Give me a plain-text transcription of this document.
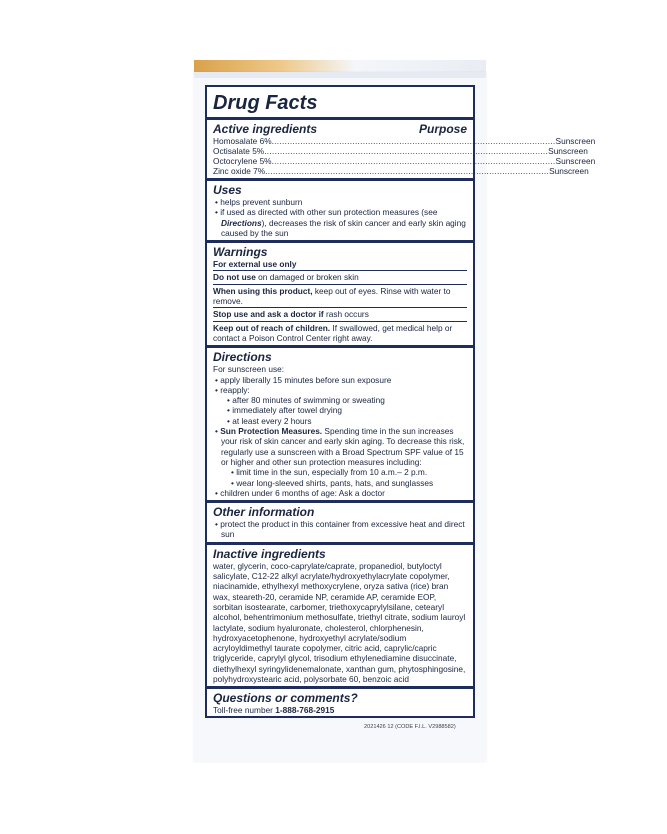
Drug Facts
Active ingredients	Purpose
Homosalate 6% ............................................................................................................. Sunscreen
Octisalate 5% ............................................................................................................. Sunscreen
Octocrylene 5% ............................................................................................................. Sunscreen
Zinc oxide 7% ............................................................................................................. Sunscreen
Uses
• helps prevent sunburn
• if used as directed with other sun protection measures (see Directions), decreases the risk of skin cancer and early skin aging caused by the sun
Warnings
For external use only
Do not use on damaged or broken skin
When using this product, keep out of eyes. Rinse with water to remove.
Stop use and ask a doctor if rash occurs
Keep out of reach of children. If swallowed, get medical help or contact a Poison Control Center right away.
Directions
For sunscreen use:
• apply liberally 15 minutes before sun exposure
• reapply:
• after 80 minutes of swimming or sweating
• immediately after towel drying
• at least every 2 hours
• Sun Protection Measures. Spending time in the sun increases your risk of skin cancer and early skin aging. To decrease this risk, regularly use a sunscreen with a Broad Spectrum SPF value of 15 or higher and other sun protection measures including:
• limit time in the sun, especially from 10 a.m.– 2 p.m.
• wear long-sleeved shirts, pants, hats, and sunglasses
• children under 6 months of age: Ask a doctor
Other information
• protect the product in this container from excessive heat and direct sun
Inactive ingredients
water, glycerin, coco-caprylate/caprate, propanediol, butyloctyl salicylate, C12-22 alkyl acrylate/hydroxyethylacrylate copolymer, niacinamide, ethylhexyl methoxycrylene, oryza sativa (rice) bran wax, steareth-20, ceramide NP, ceramide AP, ceramide EOP, sorbitan isostearate, carbomer, triethoxycaprylylsilane, cetearyl alcohol, behentrimonium methosulfate, triethyl citrate, sodium lauroyl lactylate, sodium hyaluronate, cholesterol, chlorphenesin, hydroxyacetophenone, hydroxyethyl acrylate/sodium acryloyldimethyl taurate copolymer, citric acid, caprylic/capric triglyceride, caprylyl glycol, trisodium ethylenediamine disuccinate, diethylhexyl syringylidenemalonate, xanthan gum, phytosphingosine, polyhydroxystearic acid, polysorbate 60, benzoic acid
Questions or comments?
Toll-free number 1-888-768-2915
2021426 12 (CODE F.I.L. V2988582)
